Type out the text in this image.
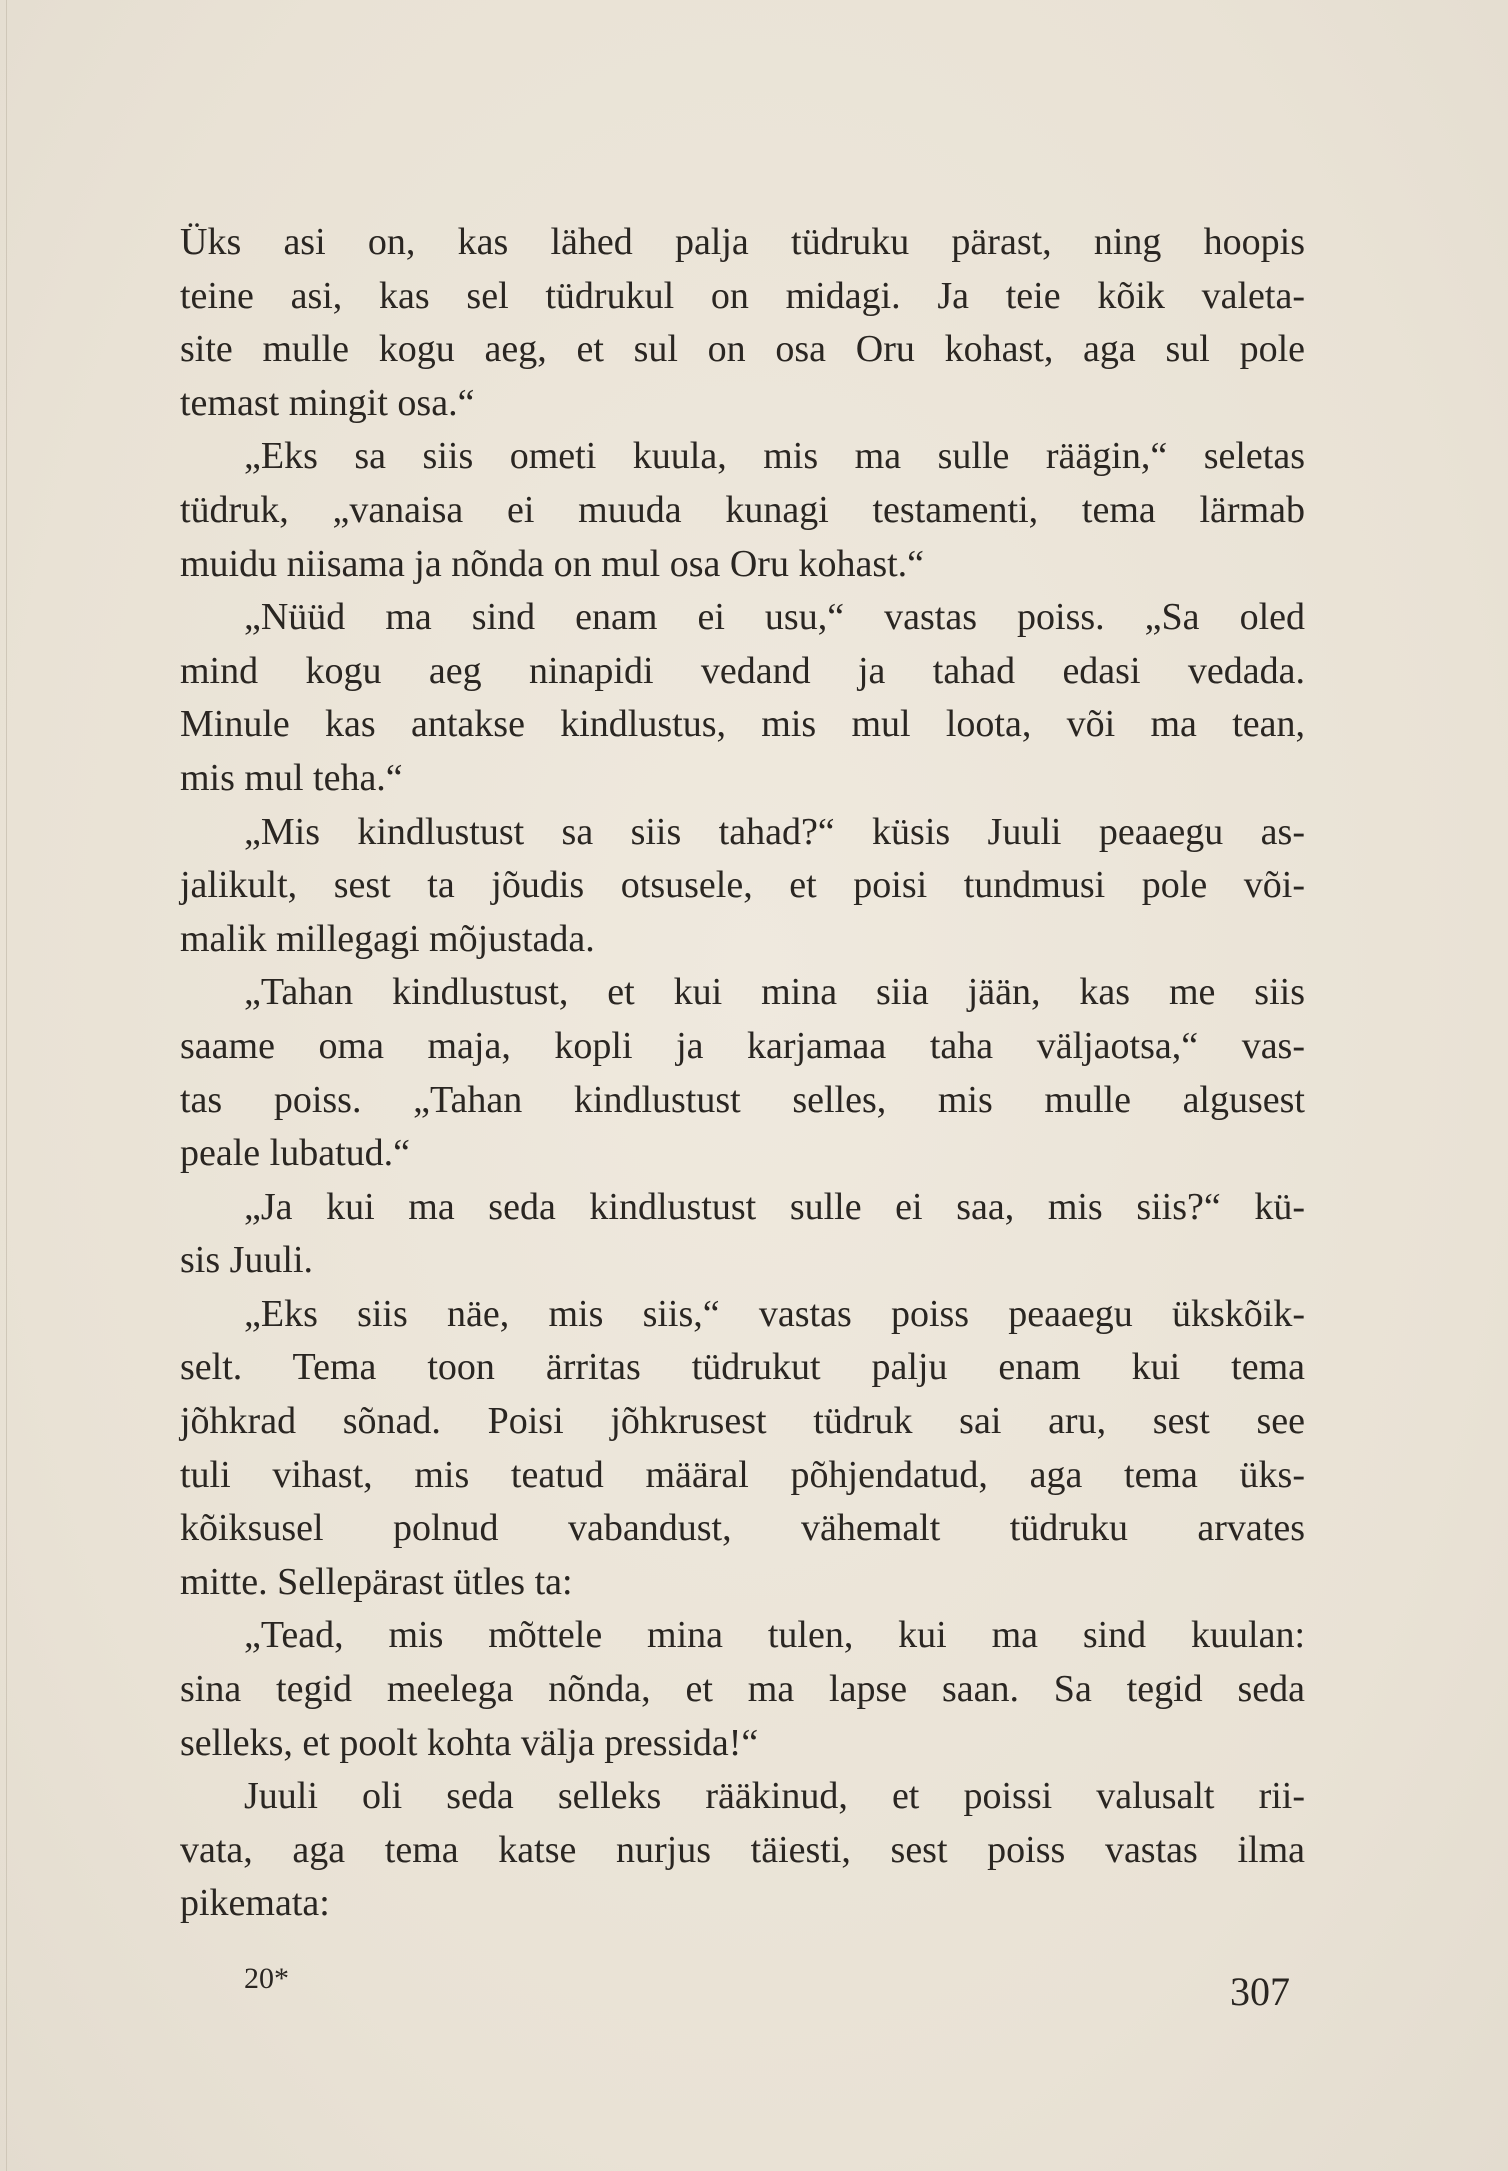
Üks asi on, kas lähed palja tüdruku pärast, ning hoopis
teine asi, kas sel tüdrukul on midagi. Ja teie kõik valeta-
site mulle kogu aeg, et sul on osa Oru kohast, aga sul pole
temast mingit osa.“
„Eks sa siis ometi kuula, mis ma sulle räägin,“ seletas
tüdruk, „vanaisa ei muuda kunagi testamenti, tema lärmab
muidu niisama ja nõnda on mul osa Oru kohast.“
„Nüüd ma sind enam ei usu,“ vastas poiss. „Sa oled
mind kogu aeg ninapidi vedand ja tahad edasi vedada.
Minule kas antakse kindlustus, mis mul loota, või ma tean,
mis mul teha.“
„Mis kindlustust sa siis tahad?“ küsis Juuli peaaegu as-
jalikult, sest ta jõudis otsusele, et poisi tundmusi pole või-
malik millegagi mõjustada.
„Tahan kindlustust, et kui mina siia jään, kas me siis
saame oma maja, kopli ja karjamaa taha väljaotsa,“ vas-
tas poiss. „Tahan kindlustust selles, mis mulle algusest
peale lubatud.“
„Ja kui ma seda kindlustust sulle ei saa, mis siis?“ kü-
sis Juuli.
„Eks siis näe, mis siis,“ vastas poiss peaaegu ükskõik-
selt. Tema toon ärritas tüdrukut palju enam kui tema
jõhkrad sõnad. Poisi jõhkrusest tüdruk sai aru, sest see
tuli vihast, mis teatud määral põhjendatud, aga tema üks-
kõiksusel polnud vabandust, vähemalt tüdruku arvates
mitte. Sellepärast ütles ta:
„Tead, mis mõttele mina tulen, kui ma sind kuulan:
sina tegid meelega nõnda, et ma lapse saan. Sa tegid seda
selleks, et poolt kohta välja pressida!“
Juuli oli seda selleks rääkinud, et poissi valusalt rii-
vata, aga tema katse nurjus täiesti, sest poiss vastas ilma
pikemata:
20*	307
